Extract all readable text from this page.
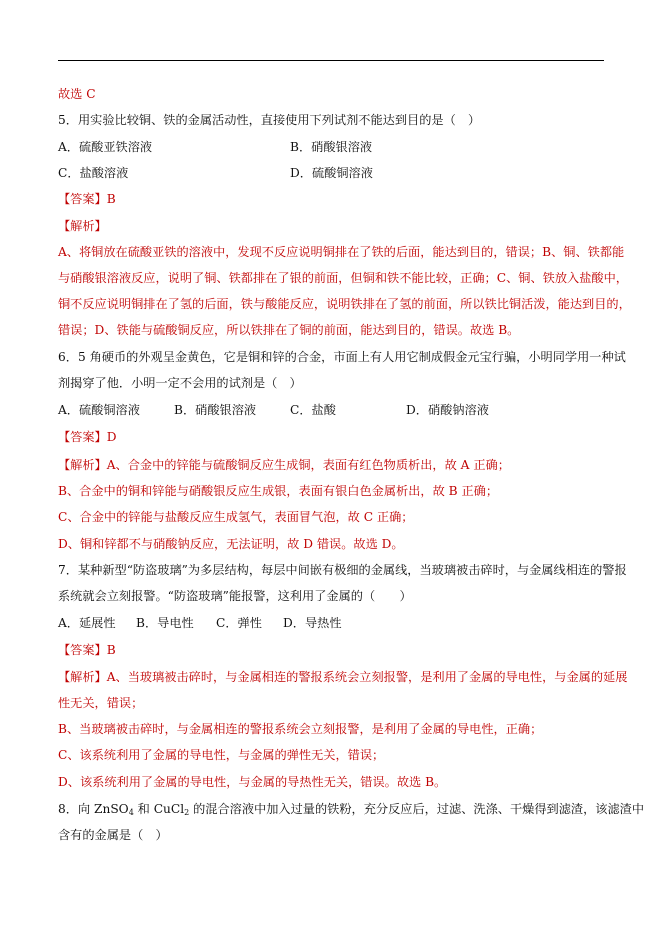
故选 C
5．用实验比较铜、铁的金属活动性，直接使用下列试剂不能达到目的是（　）
A．硫酸亚铁溶液	B．硝酸银溶液
C．盐酸溶液	D．硫酸铜溶液
【答案】B
【解析】
A、将铜放在硫酸亚铁的溶液中，发现不反应说明铜排在了铁的后面，能达到目的，错误；B、铜、铁都能
与硝酸银溶液反应，说明了铜、铁都排在了银的前面，但铜和铁不能比较，正确；C、铜、铁放入盐酸中，
铜不反应说明铜排在了氢的后面，铁与酸能反应，说明铁排在了氢的前面，所以铁比铜活泼，能达到目的，
错误；D、铁能与硫酸铜反应，所以铁排在了铜的前面，能达到目的，错误。故选 B。
6．5 角硬币的外观呈金黄色，它是铜和锌的合金，市面上有人用它制成假金元宝行骗，小明同学用一种试
剂揭穿了他．小明一定不会用的试剂是（　）
A．硫酸铜溶液	B．硝酸银溶液	C．盐酸	D．硝酸钠溶液
【答案】D
【解析】A、合金中的锌能与硫酸铜反应生成铜，表面有红色物质析出，故 A 正确；
B、合金中的铜和锌能与硝酸银反应生成银，表面有银白色金属析出，故 B 正确；
C、合金中的锌能与盐酸反应生成氢气，表面冒气泡，故 C 正确；
D、铜和锌都不与硝酸钠反应，无法证明，故 D 错误。故选 D。
7．某种新型“防盗玻璃”为多层结构，每层中间嵌有极细的金属线，当玻璃被击碎时，与金属线相连的警报
系统就会立刻报警。“防盗玻璃”能报警，这利用了金属的（　　）
A．延展性 B．导电性 C．弹性 D．导热性
【答案】B
【解析】A、当玻璃被击碎时，与金属相连的警报系统会立刻报警，是利用了金属的导电性，与金属的延展
性无关，错误；
B、当玻璃被击碎时，与金属相连的警报系统会立刻报警，是利用了金属的导电性，正确；
C、该系统利用了金属的导电性，与金属的弹性无关，错误；
D、该系统利用了金属的导电性，与金属的导热性无关，错误。故选 B。
8．向 ZnSO$_4$ 和 CuCl$_2$ 的混合溶液中加入过量的铁粉，充分反应后，过滤、洗涤、干燥得到滤渣，该滤渣中
含有的金属是（　）
